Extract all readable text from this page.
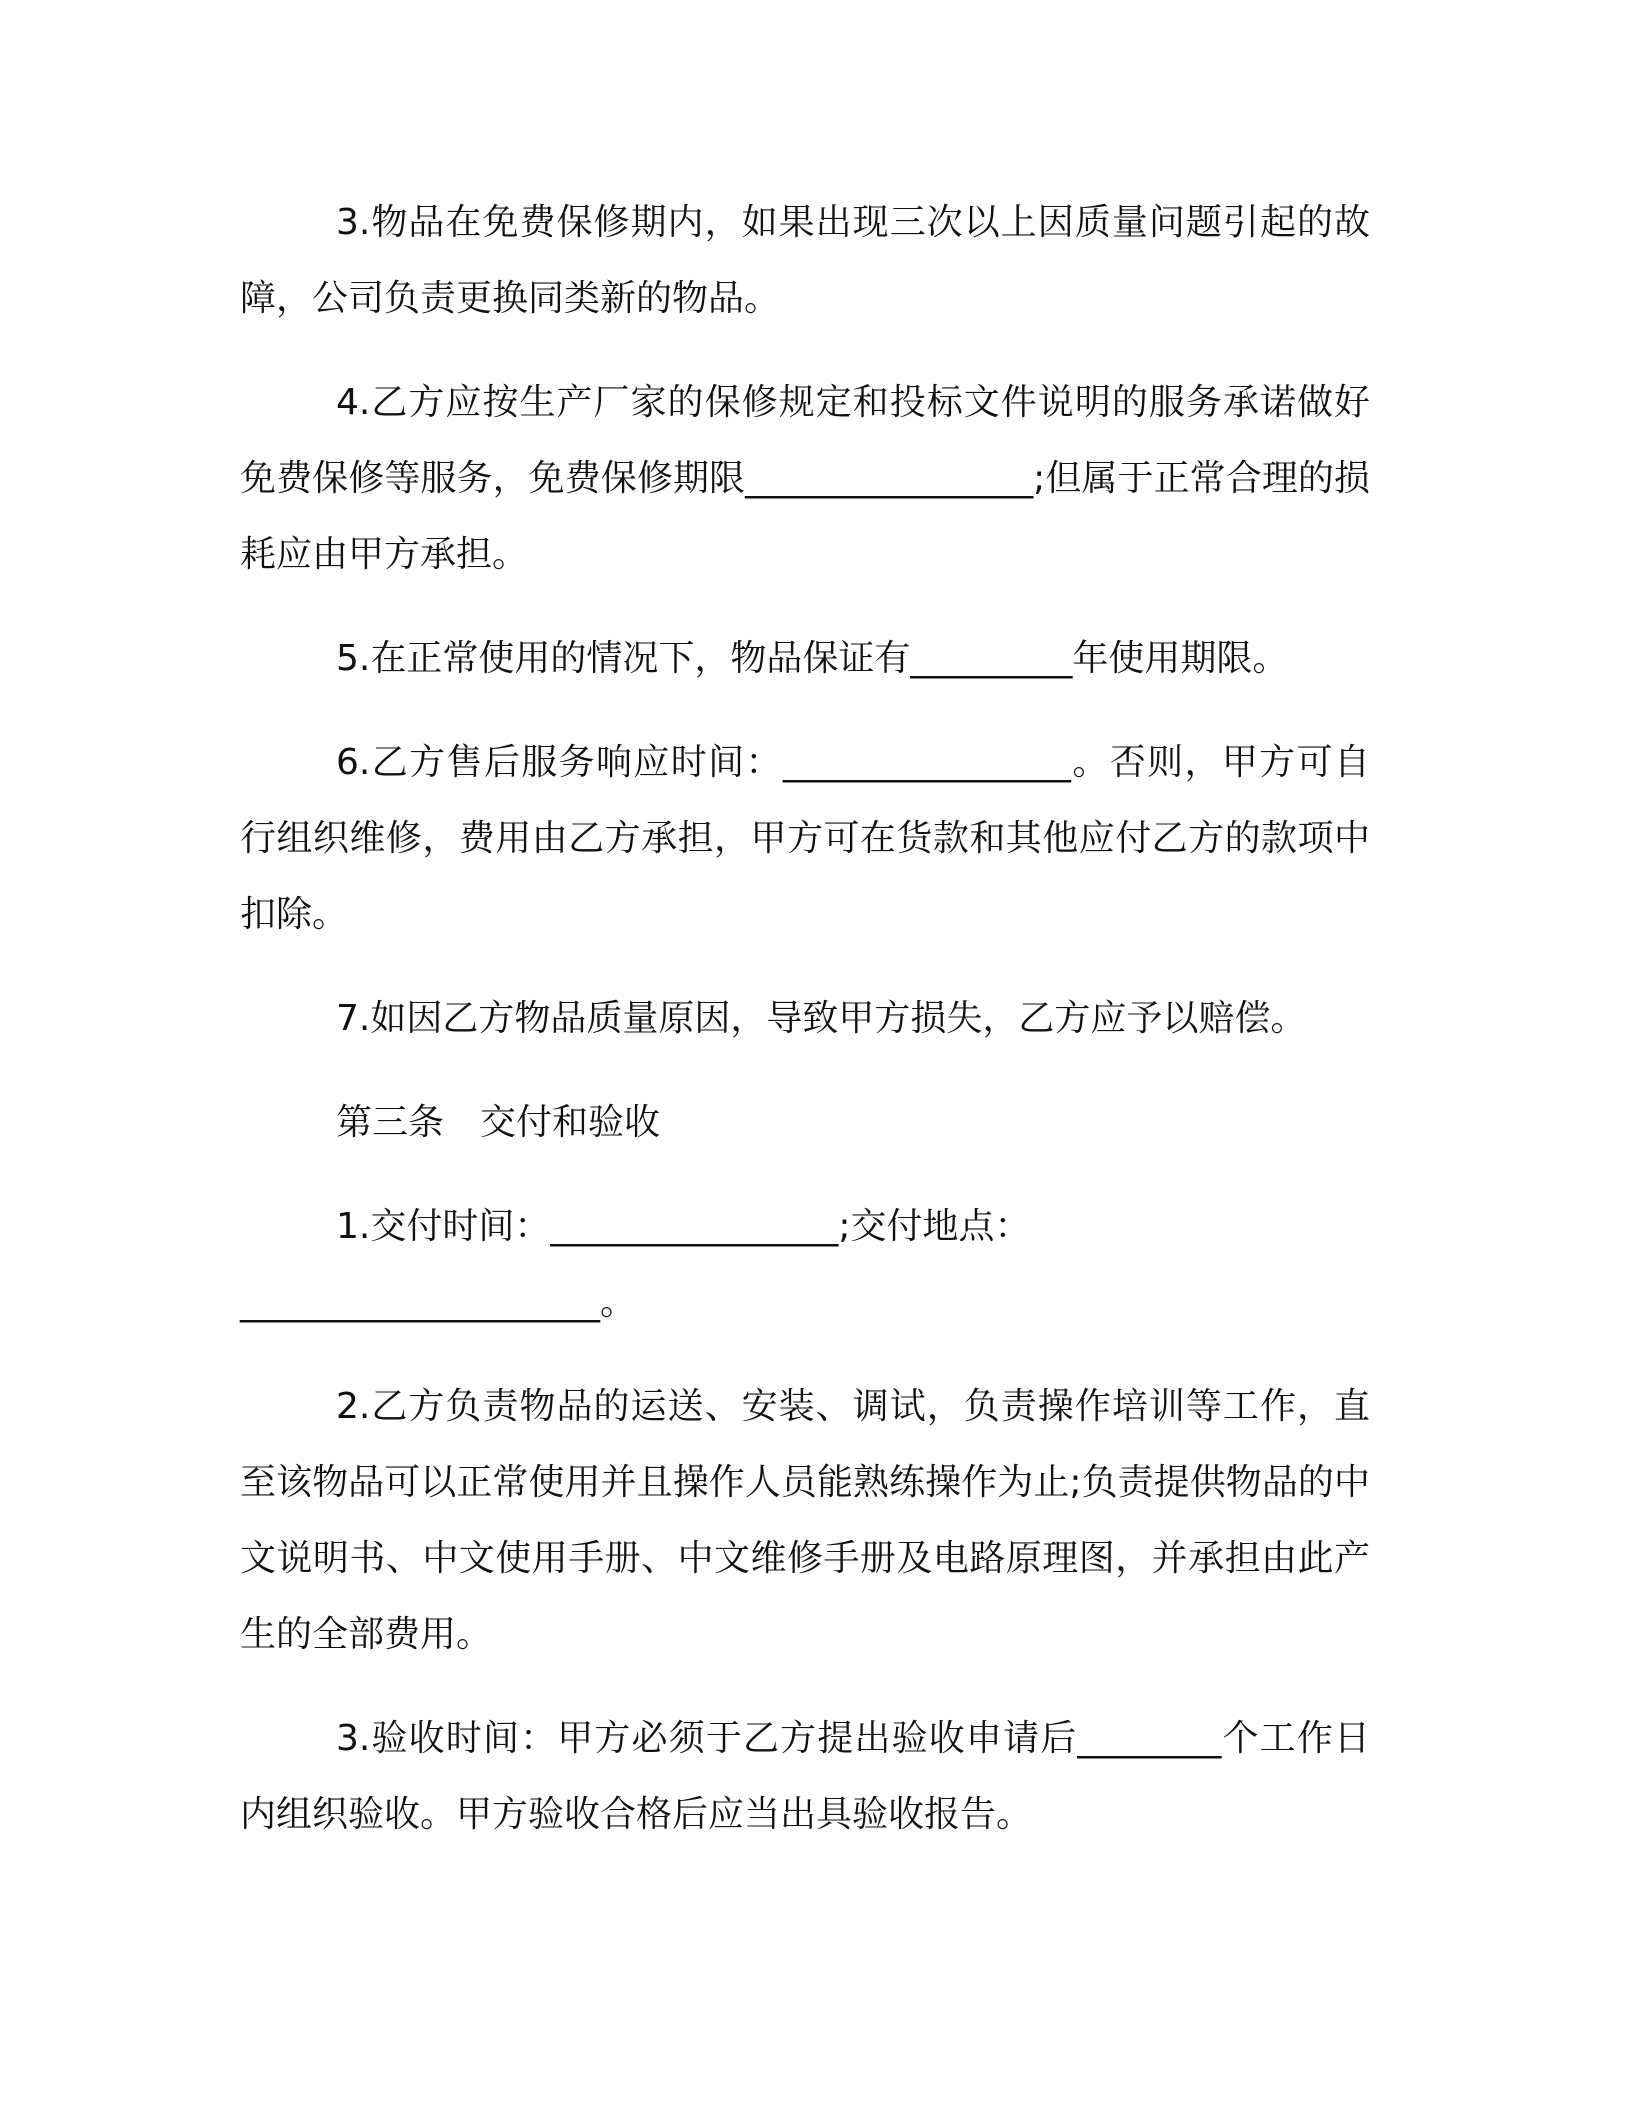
3.物品在免费保修期内，如果出现三次以上因质量问题引起的故障，公司负责更换同类新的物品。

4.乙方应按生产厂家的保修规定和投标文件说明的服务承诺做好免费保修等服务，免费保修期限________________;但属于正常合理的损耗应由甲方承担。

5.在正常使用的情况下，物品保证有_________年使用期限。

6.乙方售后服务响应时间：________________。否则，甲方可自行组织维修，费用由乙方承担，甲方可在货款和其他应付乙方的款项中扣除。

7.如因乙方物品质量原因，导致甲方损失，乙方应予以赔偿。

第三条　交付和验收

1.交付时间：________________;交付地点：____________________。

2.乙方负责物品的运送、安装、调试，负责操作培训等工作，直至该物品可以正常使用并且操作人员能熟练操作为止;负责提供物品的中文说明书、中文使用手册、中文维修手册及电路原理图，并承担由此产生的全部费用。

3.验收时间：甲方必须于乙方提出验收申请后________个工作日内组织验收。甲方验收合格后应当出具验收报告。
